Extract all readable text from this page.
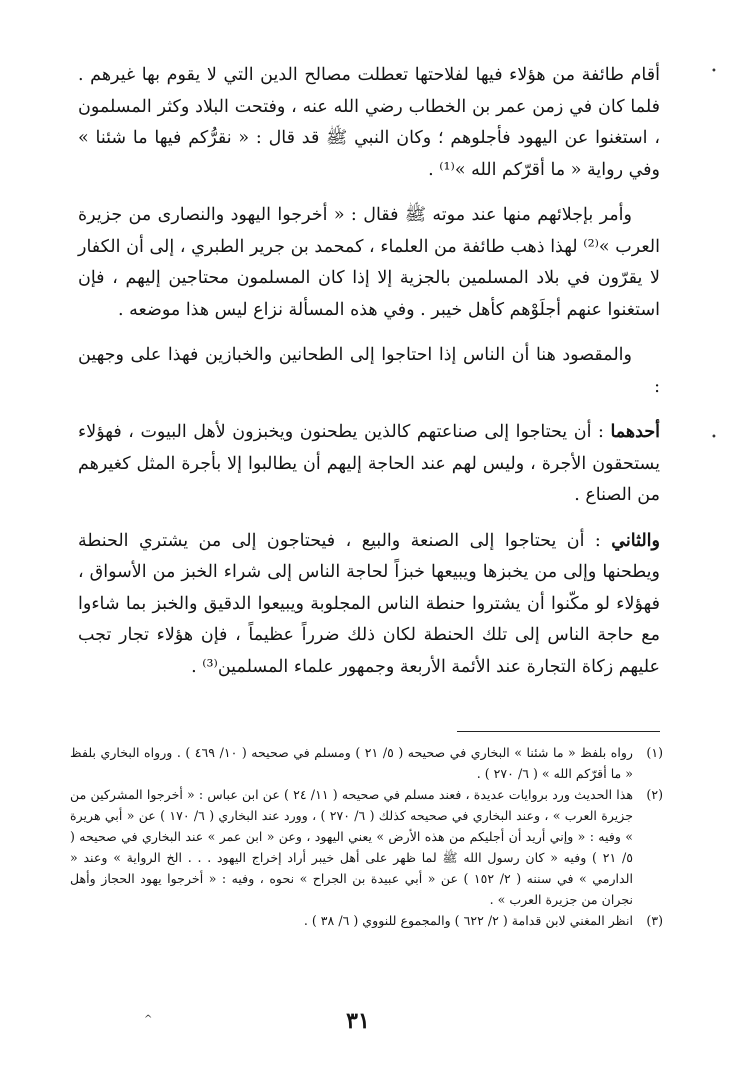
أقام طائفة من هؤلاء فيها لفلاحتها تعطلت مصالح الدين التي لا يقوم بها غيرهم . فلما كان في زمن عمر بن الخطاب رضي الله عنه ، وفتحت البلاد وكثر المسلمون ، استغنوا عن اليهود فأجلوهم ؛ وكان النبي ﷺ قد قال : « نقرُّكم فيها ما شئنا » وفي رواية « ما أقرّكم الله »⁽¹⁾ .

وأمر بإجلائهم منها عند موته ﷺ فقال : « أخرجوا اليهود والنصارى من جزيرة العرب »⁽²⁾ لهذا ذهب طائفة من العلماء ، كمحمد بن جرير الطبري ، إلى أن الكفار لا يقرّون في بلاد المسلمين بالجزية إلا إذا كان المسلمون محتاجين إليهم ، فإن استغنوا عنهم أجلَوْهم كأهل خيبر . وفي هذه المسألة نزاع ليس هذا موضعه .

والمقصود هنا أن الناس إذا احتاجوا إلى الطحانين والخبازين فهذا على وجهين :

أحدهما : أن يحتاجوا إلى صناعتهم كالذين يطحنون ويخبزون لأهل البيوت ، فهؤلاء يستحقون الأجرة ، وليس لهم عند الحاجة إليهم أن يطالبوا إلا بأجرة المثل كغيرهم من الصناع .

والثاني : أن يحتاجوا إلى الصنعة والبيع ، فيحتاجون إلى من يشتري الحنطة ويطحنها وإلى من يخبزها ويبيعها خبزاً لحاجة الناس إلى شراء الخبز من الأسواق ، فهؤلاء لو مكّنوا أن يشتروا حنطة الناس المجلوبة ويبيعوا الدقيق والخبز بما شاءوا مع حاجة الناس إلى تلك الحنطة لكان ذلك ضرراً عظيماً ، فإن هؤلاء تجار تجب عليهم زكاة التجارة عند الأئمة الأربعة وجمهور علماء المسلمين⁽³⁾ .

(١)
رواه بلفظ « ما شئنا » البخاري في صحيحه ( ٥/ ٢١ ) ومسلم في صحيحه ( ١٠/ ٤٦٩ ) . ورواه البخاري بلفظ « ما أقرّكم الله » ( ٦/ ٢٧٠ ) .
(٢)
هذا الحديث ورد بروايات عديدة ، فعند مسلم في صحيحه ( ١١/ ٢٤ ) عن ابن عباس : « أخرجوا المشركين من جزيرة العرب » ، وعند البخاري في صحيحه كذلك ( ٦/ ٢٧٠ ) ، وورد عند البخاري ( ٦/ ١٧٠ ) عن « أبي هريرة » وفيه : « وإني أريد أن أجليكم من هذه الأرض » يعني اليهود ، وعن « ابن عمر » عند البخاري في صحيحه ( ٥/ ٢١ ) وفيه « كان رسول الله ﷺ لما ظهر على أهل خيبر أراد إخراج اليهود . . . الخ الرواية » وعند « الدارمي » في سننه ( ٢/ ١٥٢ ) عن « أبي عبيدة بن الجراح » نحوه ، وفيه : « أخرجوا يهود الحجاز وأهل نجران من جزيرة العرب » .
(٣)
انظر المغني لابن قدامة ( ٢/ ٦٢٢ ) والمجموع للنووي ( ٦/ ٣٨ ) .
٣١
•
•
^
